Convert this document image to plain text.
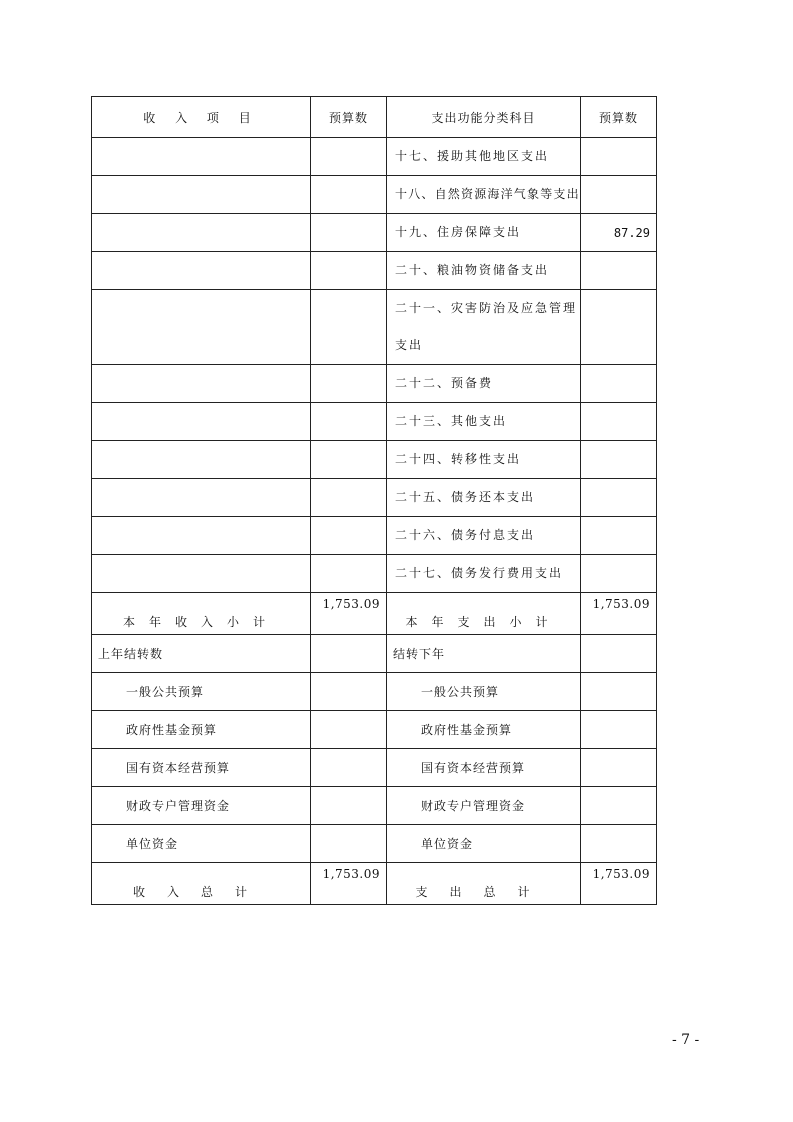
收 入 项 目	预算数	支出功能分类科目	预算数
		十七、援助其他地区支出	
		十八、自然资源海洋气象等支出	
		十九、住房保障支出	87.29
		二十、粮油物资储备支出	
		二十一、灾害防治及应急管理支出	
		二十二、预备费	
		二十三、其他支出	
		二十四、转移性支出	
		二十五、债务还本支出	
		二十六、债务付息支出	
		二十七、债务发行费用支出	
本年收入小计	1,753.09	本年支出小计	1,753.09
上年结转数		结转下年	
一般公共预算		一般公共预算	
政府性基金预算		政府性基金预算	
国有资本经营预算		国有资本经营预算	
财政专户管理资金		财政专户管理资金	
单位资金		单位资金	
收入总计	1,753.09	支出总计	1,753.09
- 7 -
